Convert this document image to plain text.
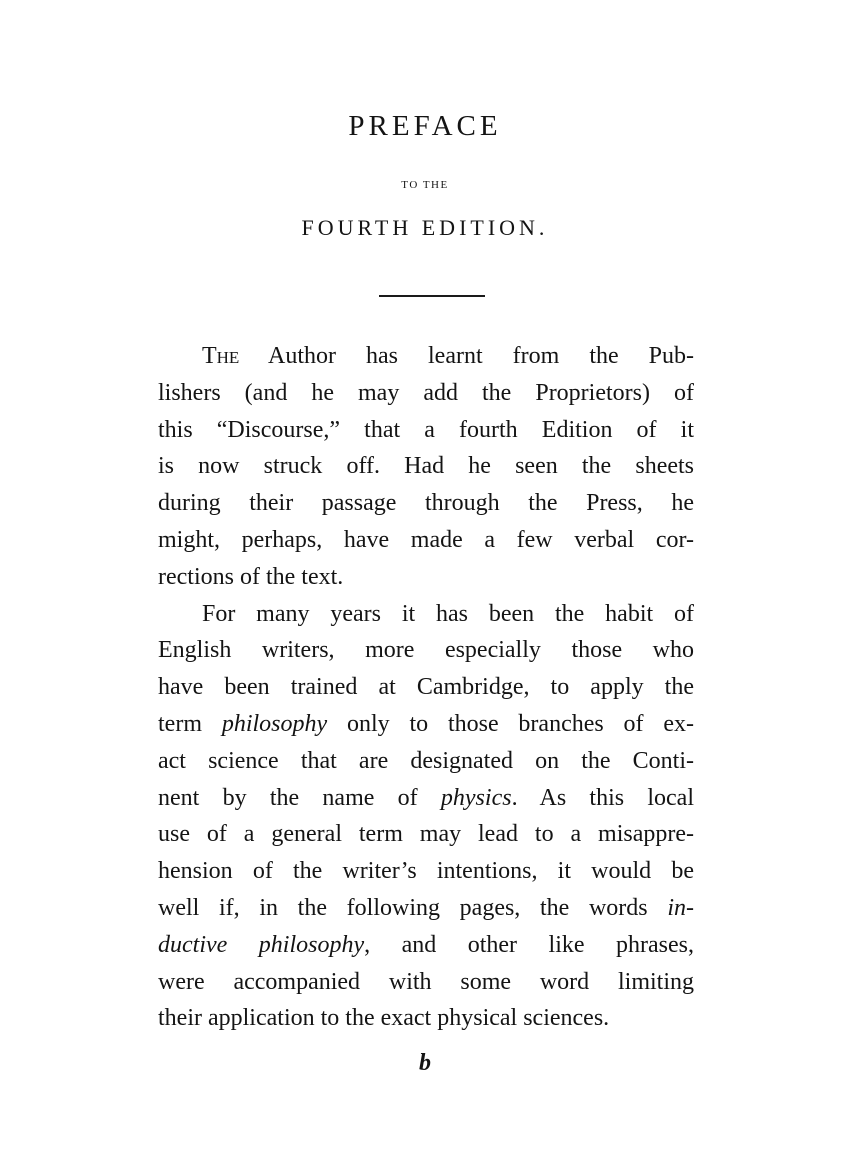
PREFACE
TO THE
FOURTH EDITION.
The Author has learnt from the Pub-
lishers (and he may add the Proprietors) of
this “Discourse,” that a fourth Edition of it
is now struck off. Had he seen the sheets
during their passage through the Press, he
might, perhaps, have made a few verbal cor-
rections of the text.
For many years it has been the habit of
English writers, more especially those who
have been trained at Cambridge, to apply the
term philosophy only to those branches of ex-
act science that are designated on the Conti-
nent by the name of physics. As this local
use of a general term may lead to a misappre-
hension of the writer’s intentions, it would be
well if, in the following pages, the words in-
ductive philosophy, and other like phrases,
were accompanied with some word limiting
their application to the exact physical sciences.
b
